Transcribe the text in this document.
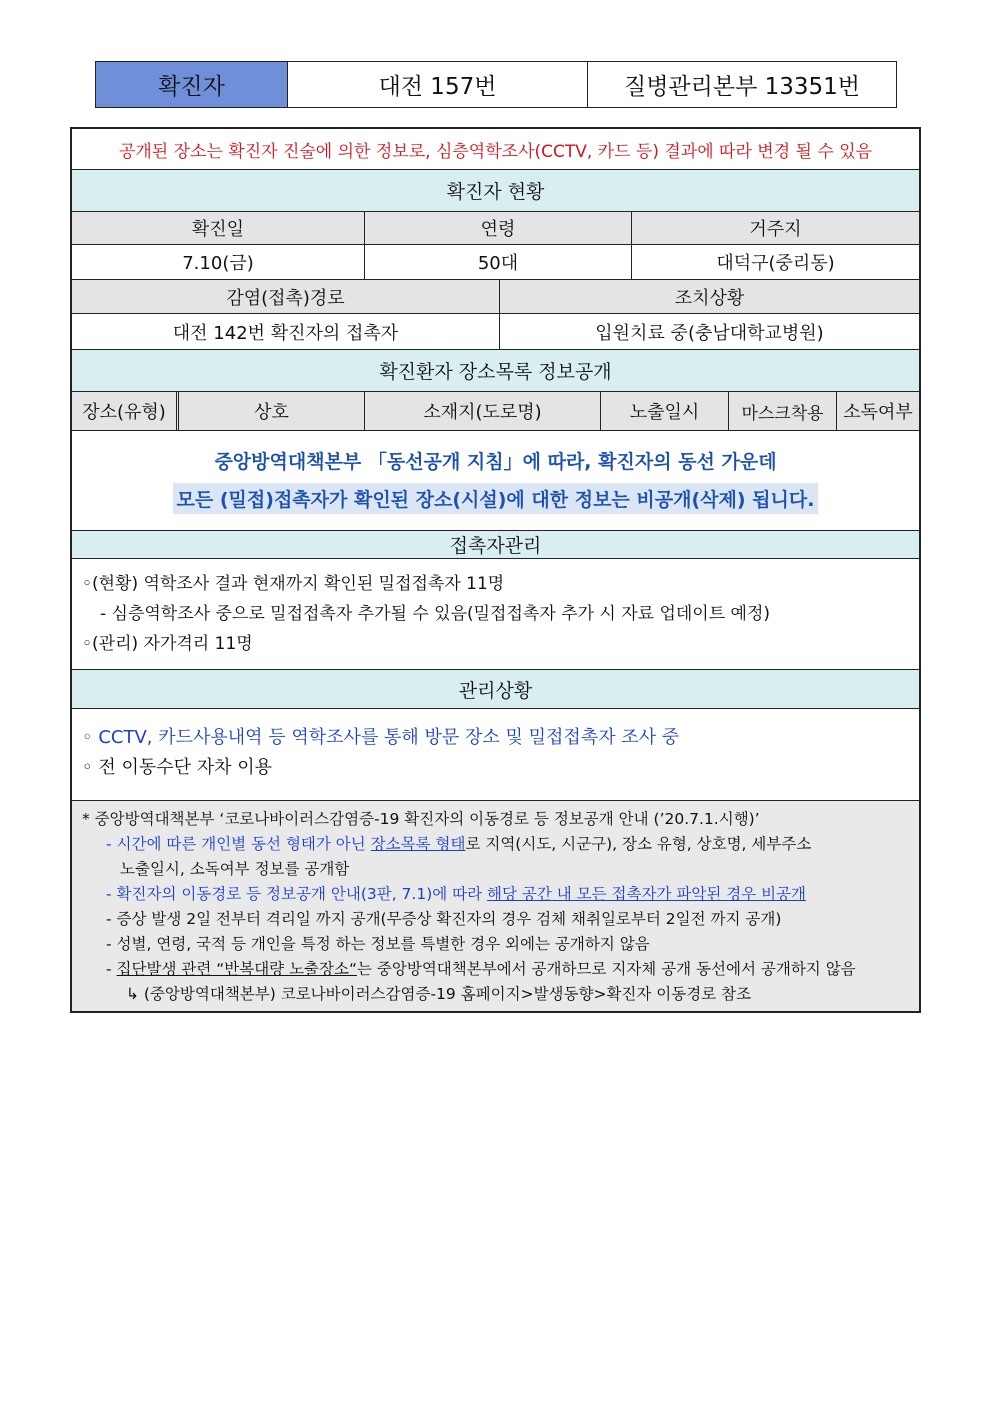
확진자	대전 157번	질병관리본부 13351번
공개된 장소는 확진자 진술에 의한 정보로, 심층역학조사(CCTV, 카드 등) 결과에 따라 변경 될 수 있음
확진자 현황
확진일	연령	거주지
7.10(금)	50대	대덕구(중리동)
감염(접촉)경로	조치상황
대전 142번 확진자의 접촉자	입원치료 중(충남대학교병원)
확진환자 장소목록 정보공개
장소(유형)	상호	소재지(도로명)	노출일시	마스크착용	소독여부
중앙방역대책본부 「동선공개 지침」에 따라, 확진자의 동선 가운데
모든 (밀접)접촉자가 확인된 장소(시설)에 대한 정보는 비공개(삭제) 됩니다.
접촉자관리
◦(현황) 역학조사 결과 현재까지 확인된 밀접접촉자 11명
- 심층역학조사 중으로 밀접접촉자 추가될 수 있음(밀접접촉자 추가 시 자료 업데이트 예정)
◦(관리) 자가격리 11명
관리상황
◦ CCTV, 카드사용내역 등 역학조사를 통해 방문 장소 및 밀접접촉자 조사 중
◦ 전 이동수단 자차 이용
* 중앙방역대책본부 ‘코로나바이러스감염증-19 확진자의 이동경로 등 정보공개 안내 (’20.7.1.시행)’
- 시간에 따른 개인별 동선 형태가 아닌 장소목록 형태로 지역(시도, 시군구), 장소 유형, 상호명, 세부주소
노출일시, 소독여부 정보를 공개함
- 확진자의 이동경로 등 정보공개 안내(3판, 7.1)에 따라 해당 공간 내 모든 접촉자가 파악된 경우 비공개
- 증상 발생 2일 전부터 격리일 까지 공개(무증상 확진자의 경우 검체 채취일로부터 2일전 까지 공개)
- 성별, 연령, 국적 등 개인을 특정 하는 정보를 특별한 경우 외에는 공개하지 않음
- 집단발생 관련 “반복대량 노출장소“는 중앙방역대책본부에서 공개하므로 지자체 공개 동선에서 공개하지 않음
↳ (중앙방역대책본부) 코로나바이러스감염증-19 홈페이지>발생동향>확진자 이동경로 참조
